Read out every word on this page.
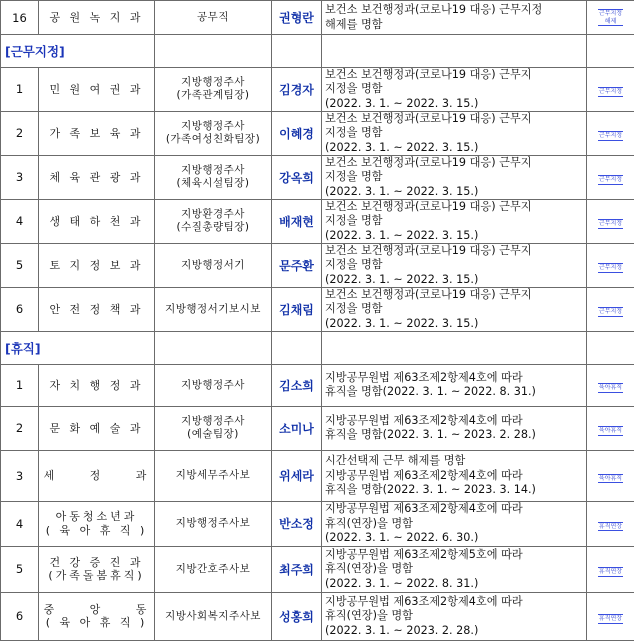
16	공 원 녹 지 과	공무직	권형란	보건소 보건행정과(코로나19 대응) 근무지정
해제를 명함	근무지정
해제
[근무지정]					
1	민 원 여 권 과	지방행정주사
(가족관계팀장)	김경자	보건소 보건행정과(코로나19 대응) 근무지
지정을 명함
(2022. 3. 1. ~ 2022. 3. 15.)	근무지정
2	가 족 보 육 과	지방행정주사
(가족여성친화팀장)	이혜경	보건소 보건행정과(코로나19 대응) 근무지
지정을 명함
(2022. 3. 1. ~ 2022. 3. 15.)	근무지정
3	체 육 관 광 과	지방행정주사
(체육시설팀장)	강옥희	보건소 보건행정과(코로나19 대응) 근무지
지정을 명함
(2022. 3. 1. ~ 2022. 3. 15.)	근무지정
4	생 태 하 천 과	지방환경주사
(수질총량팀장)	배재현	보건소 보건행정과(코로나19 대응) 근무지
지정을 명함
(2022. 3. 1. ~ 2022. 3. 15.)	근무지정
5	토 지 정 보 과	지방행정서기	문주환	보건소 보건행정과(코로나19 대응) 근무지
지정을 명함
(2022. 3. 1. ~ 2022. 3. 15.)	근무지정
6	안 전 정 책 과	지방행정서기보시보	김채림	보건소 보건행정과(코로나19 대응) 근무지
지정을 명함
(2022. 3. 1. ~ 2022. 3. 15.)	근무지정
[휴직]					
1	자 치 행 정 과	지방행정주사	김소희	지방공무원법 제63조제2항제4호에 따라
휴직을 명함(2022. 3. 1. ~ 2022. 8. 31.)	육아휴직
2	문 화 예 술 과	지방행정주사
(예술팀장)	소미나	지방공무원법 제63조제2항제4호에 따라
휴직을 명함(2022. 3. 1. ~ 2023. 2. 28.)	육아휴직
3	세     정     과	지방세무주사보	위세라	시간선택제 근무 해제를 명함
지방공무원법 제63조제2항제4호에 따라
휴직을 명함(2022. 3. 1. ~ 2023. 3. 14.)	육아휴직
4	아동청소년과
( 육 아 휴 직 )	지방행정주사보	반소정	지방공무원법 제63조제2항제4호에 따라
휴직(연장)을 명함
(2022. 3. 1. ~ 2022. 6. 30.)	휴직연장
5	건 강 증 진 과
(가족돌봄휴직)	지방간호주사보	최주희	지방공무원법 제63조제2항제5호에 따라
휴직(연장)을 명함
(2022. 3. 1. ~ 2022. 8. 31.)	휴직연장
6	중     앙     동
( 육 아 휴 직 )	지방사회복지주사보	성홍희	지방공무원법 제63조제2항제4호에 따라
휴직(연장)을 명함
(2022. 3. 1. ~ 2023. 2. 28.)	휴직연장
